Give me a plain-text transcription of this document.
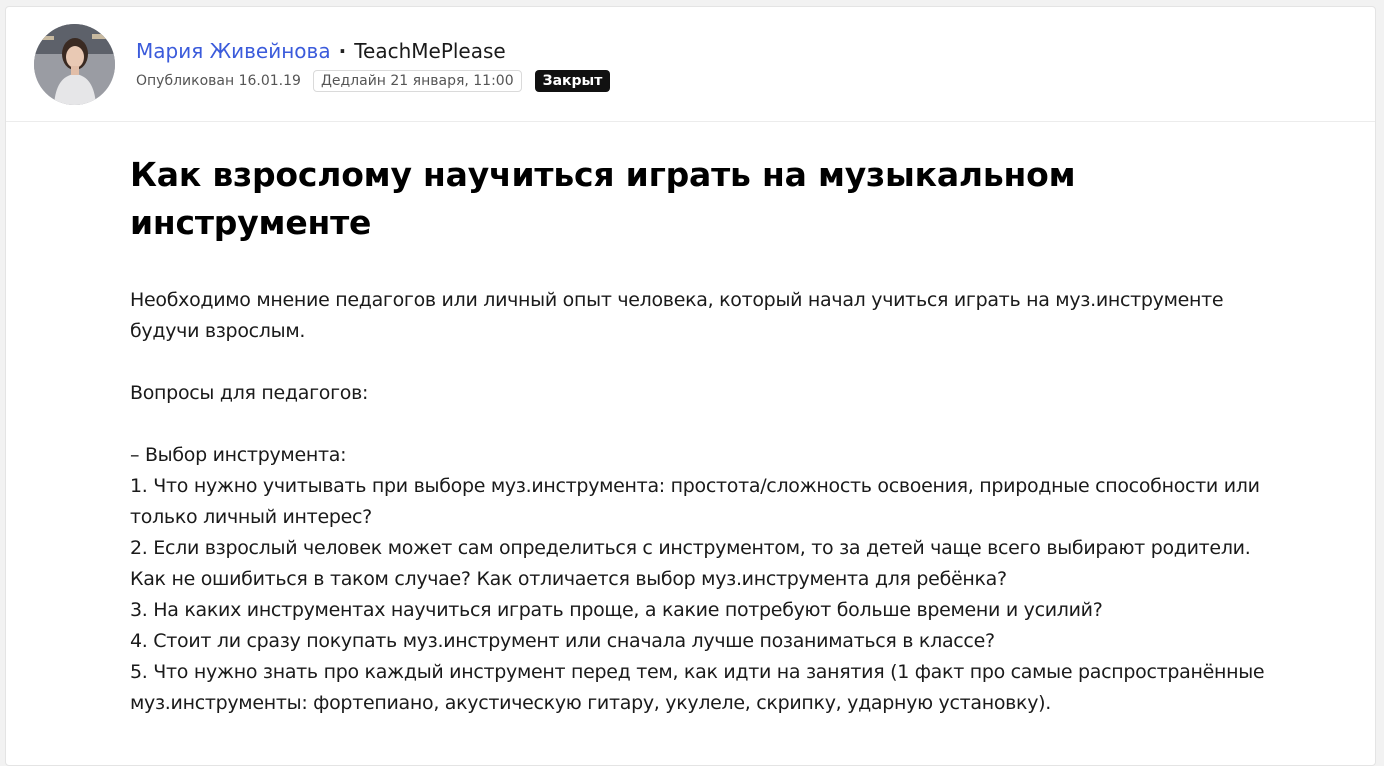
Мария Живейнова · TeachMePlease
Опубликован 16.01.19	Дедлайн 21 января, 11:00	Закрыт
Как взрослому научиться играть на музыкальном инструменте

Необходимо мнение педагогов или личный опыт человека, который начал учиться играть на муз.инструменте будучи взрослым.

Вопросы для педагогов:

– Выбор инструмента:

1. Что нужно учитывать при выборе муз.инструмента: простота/сложность освоения, природные способности или только личный интерес?

2. Если взрослый человек может сам определиться с инструментом, то за детей чаще всего выбирают родители. Как не ошибиться в таком случае? Как отличается выбор муз.инструмента для ребёнка?

3. На каких инструментах научиться играть проще, а какие потребуют больше времени и усилий?

4. Стоит ли сразу покупать муз.инструмент или сначала лучше позаниматься в классе?

5. Что нужно знать про каждый инструмент перед тем, как идти на занятия (1 факт про самые распространённые муз.инструменты: фортепиано, акустическую гитару, укулеле, скрипку, ударную установку).
